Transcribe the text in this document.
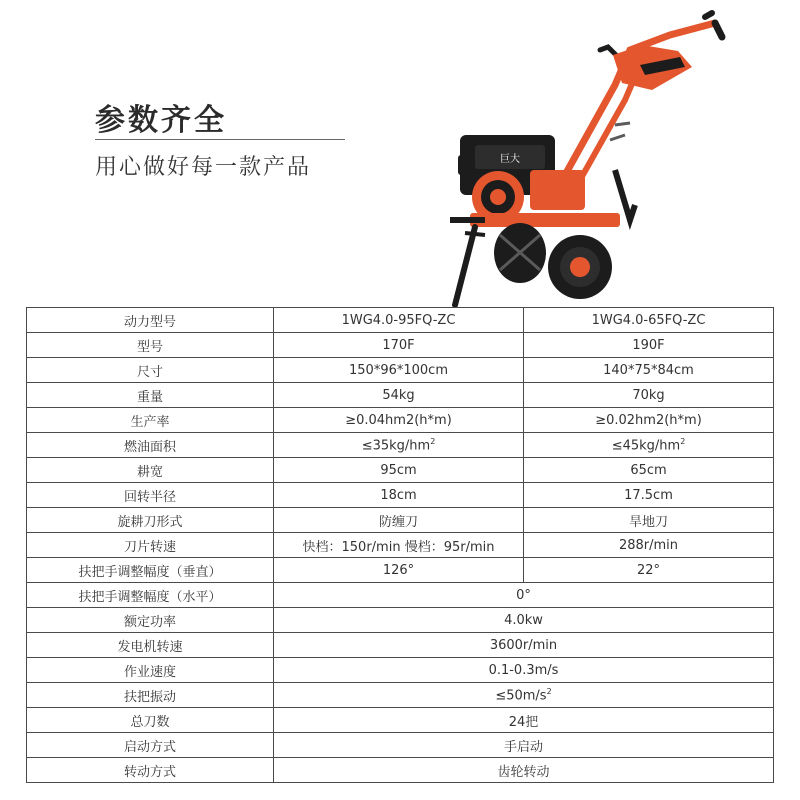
参数齐全
用心做好每一款产品	巨大
动力型号	1WG4.0-95FQ-ZC	1WG4.0-65FQ-ZC
型号	170F	190F
尺寸	150*96*100cm	140*75*84cm
重量	54kg	70kg
生产率	≥0.04hm2(h*m)	≥0.02hm2(h*m)
燃油面积	$\le 35kg/hm^2$	$\le 45kg/hm^2$
耕宽	95cm	65cm
回转半径	18cm	17.5cm
旋耕刀形式	防缠刀	旱地刀
刀片转速	快档：150r/min 慢档：95r/min	288r/min
扶把手调整幅度（垂直）	126°	22°
扶把手调整幅度（水平）	0°	
额定功率	4.0kw	
发电机转速	3600r/min	
作业速度	0.1-0.3m/s	
扶把振动	$\le 50m/s^2$
总刀数	24把	
启动方式	手启动	
转动方式	齿轮转动	
